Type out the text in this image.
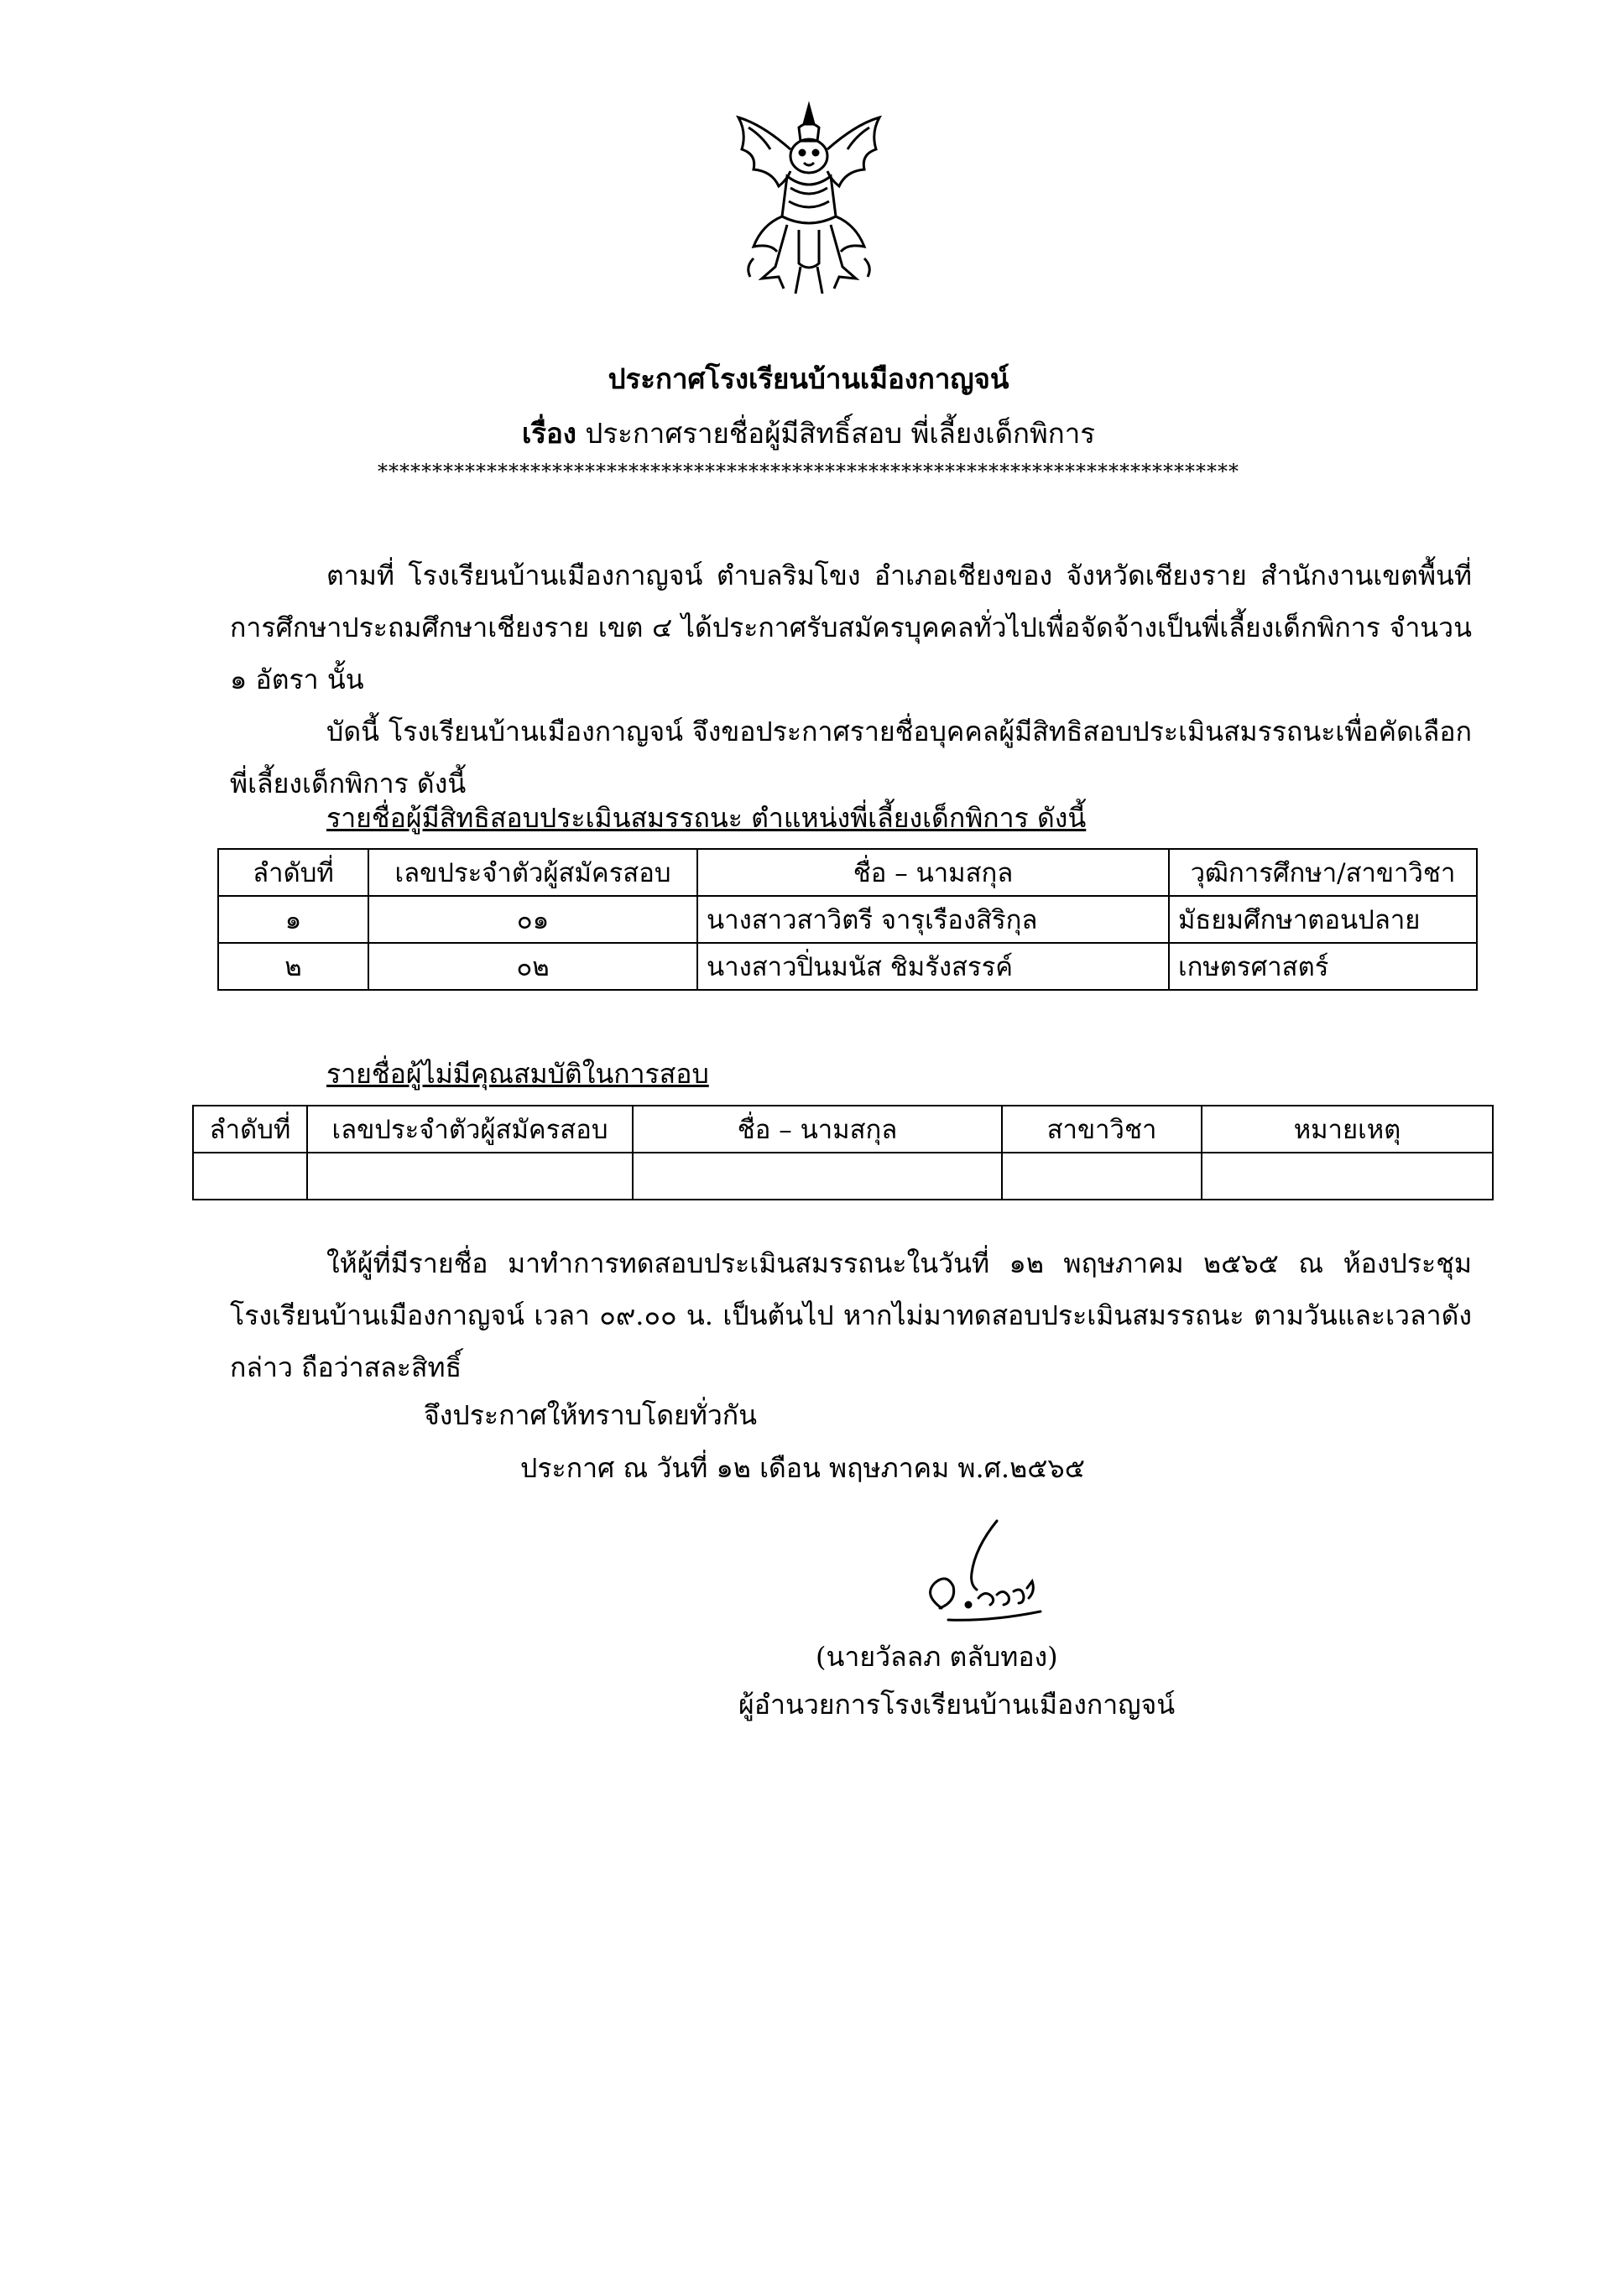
ประกาศโรงเรียนบ้านเมืองกาญจน์
เรื่อง ประกาศรายชื่อผู้มีสิทธิ์สอบ พี่เลี้ยงเด็กพิการ
*******************************************************************************

ตามที่ โรงเรียนบ้านเมืองกาญจน์ ตำบลริมโขง อำเภอเชียงของ จังหวัดเชียงราย สำนักงานเขตพื้นที่การศึกษาประถมศึกษาเชียงราย เขต ๔ ได้ประกาศรับสมัครบุคคลทั่วไปเพื่อจัดจ้างเป็นพี่เลี้ยงเด็กพิการ จำนวน ๑ อัตรา นั้น

บัดนี้ โรงเรียนบ้านเมืองกาญจน์ จึงขอประกาศรายชื่อบุคคลผู้มีสิทธิสอบประเมินสมรรถนะเพื่อคัดเลือกพี่เลี้ยงเด็กพิการ ดังนี้

รายชื่อผู้มีสิทธิสอบประเมินสมรรถนะ ตำแหน่งพี่เลี้ยงเด็กพิการ ดังนี้
ลำดับที่	เลขประจำตัวผู้สมัครสอบ	ชื่อ – นามสกุล	วุฒิการศึกษา/สาขาวิชา
๑	๐๑	นางสาวสาวิตรี จารุเรืองสิริกุล	มัธยมศึกษาตอนปลาย
๒	๐๒	นางสาวปิ่นมนัส ชิมรังสรรค์	เกษตรศาสตร์
รายชื่อผู้ไม่มีคุณสมบัติในการสอบ
ลำดับที่	เลขประจำตัวผู้สมัครสอบ	ชื่อ – นามสกุล	สาขาวิชา	หมายเหตุ

ให้ผู้ที่มีรายชื่อ มาทำการทดสอบประเมินสมรรถนะในวันที่ ๑๒ พฤษภาคม ๒๕๖๕ ณ ห้องประชุมโรงเรียนบ้านเมืองกาญจน์ เวลา ๐๙.๐๐ น. เป็นต้นไป หากไม่มาทดสอบประเมินสมรรถนะ ตามวันและเวลาดังกล่าว ถือว่าสละสิทธิ์

จึงประกาศให้ทราบโดยทั่วกัน
ประกาศ ณ วันที่ ๑๒ เดือน พฤษภาคม พ.ศ.๒๕๖๕
(นายวัลลภ ตลับทอง)
ผู้อำนวยการโรงเรียนบ้านเมืองกาญจน์
